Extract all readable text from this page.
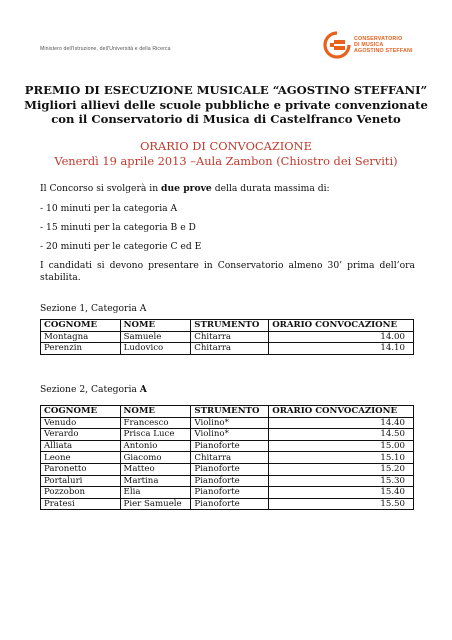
Ministero dell'Istruzione, dell'Università e della Ricerca
CONSERVATORIO
DI MUSICA
AGOSTINO STEFFANI
PREMIO DI ESECUZIONE MUSICALE “AGOSTINO STEFFANI”
Migliori allievi delle scuole pubbliche e private convenzionate
con il Conservatorio di Musica di Castelfranco Veneto
ORARIO DI CONVOCAZIONE
Venerdì 19 aprile 2013 –Aula Zambon (Chiostro dei Serviti)
Il Concorso si svolgerà in due prove della durata massima di:
- 10 minuti per la categoria A
- 15 minuti per la categoria B e D
- 20 minuti per le categorie C ed E
I candidati si devono presentare in Conservatorio almeno 30’ prima dell’ora stabilita.
Sezione 1, Categoria A
COGNOME	NOME	STRUMENTO	ORARIO CONVOCAZIONE
Montagna	Samuele	Chitarra	14.00
Perenzin	Ludovico	Chitarra	14.10
Sezione 2, Categoria A
COGNOME	NOME	STRUMENTO	ORARIO CONVOCAZIONE
Venudo	Francesco	Violino*	14.40
Verardo	Prisca Luce	Violino*	14.50
Alliata	Antonio	Pianoforte	15.00
Leone	Giacomo	Chitarra	15.10
Paronetto	Matteo	Pianoforte	15.20
Portaluri	Martina	Pianoforte	15.30
Pozzobon	Elia	Pianoforte	15.40
Pratesi	Pier Samuele	Pianoforte	15.50
